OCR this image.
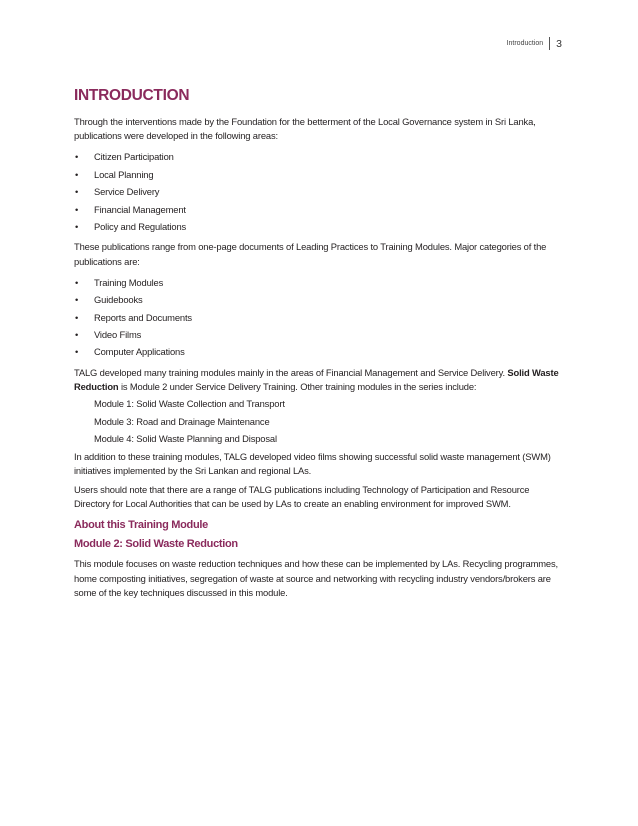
Introduction 3
INTRODUCTION

Through the interventions made by the Foundation for the betterment of the Local Governance system in Sri Lanka, publications were developed in the following areas:

• Citizen Participation
• Local Planning
• Service Delivery
• Financial Management
• Policy and Regulations

These publications range from one-page documents of Leading Practices to Training Modules. Major categories of the publications are:

• Training Modules
• Guidebooks
• Reports and Documents
• Video Films
• Computer Applications

TALG developed many training modules mainly in the areas of Financial Management and Service Delivery. Solid Waste Reduction is Module 2 under Service Delivery Training. Other training modules in the series include:

Module 1: Solid Waste Collection and Transport
Module 3: Road and Drainage Maintenance
Module 4: Solid Waste Planning and Disposal

In addition to these training modules, TALG developed video films showing successful solid waste management (SWM) initiatives implemented by the Sri Lankan and regional LAs.

Users should note that there are a range of TALG publications including Technology of Participation and Resource Directory for Local Authorities that can be used by LAs to create an enabling environment for improved SWM.

About this Training Module
Module 2: Solid Waste Reduction

This module focuses on waste reduction techniques and how these can be implemented by LAs. Recycling programmes, home composting initiatives, segregation of waste at source and networking with recycling industry vendors/brokers are some of the key techniques discussed in this module.
